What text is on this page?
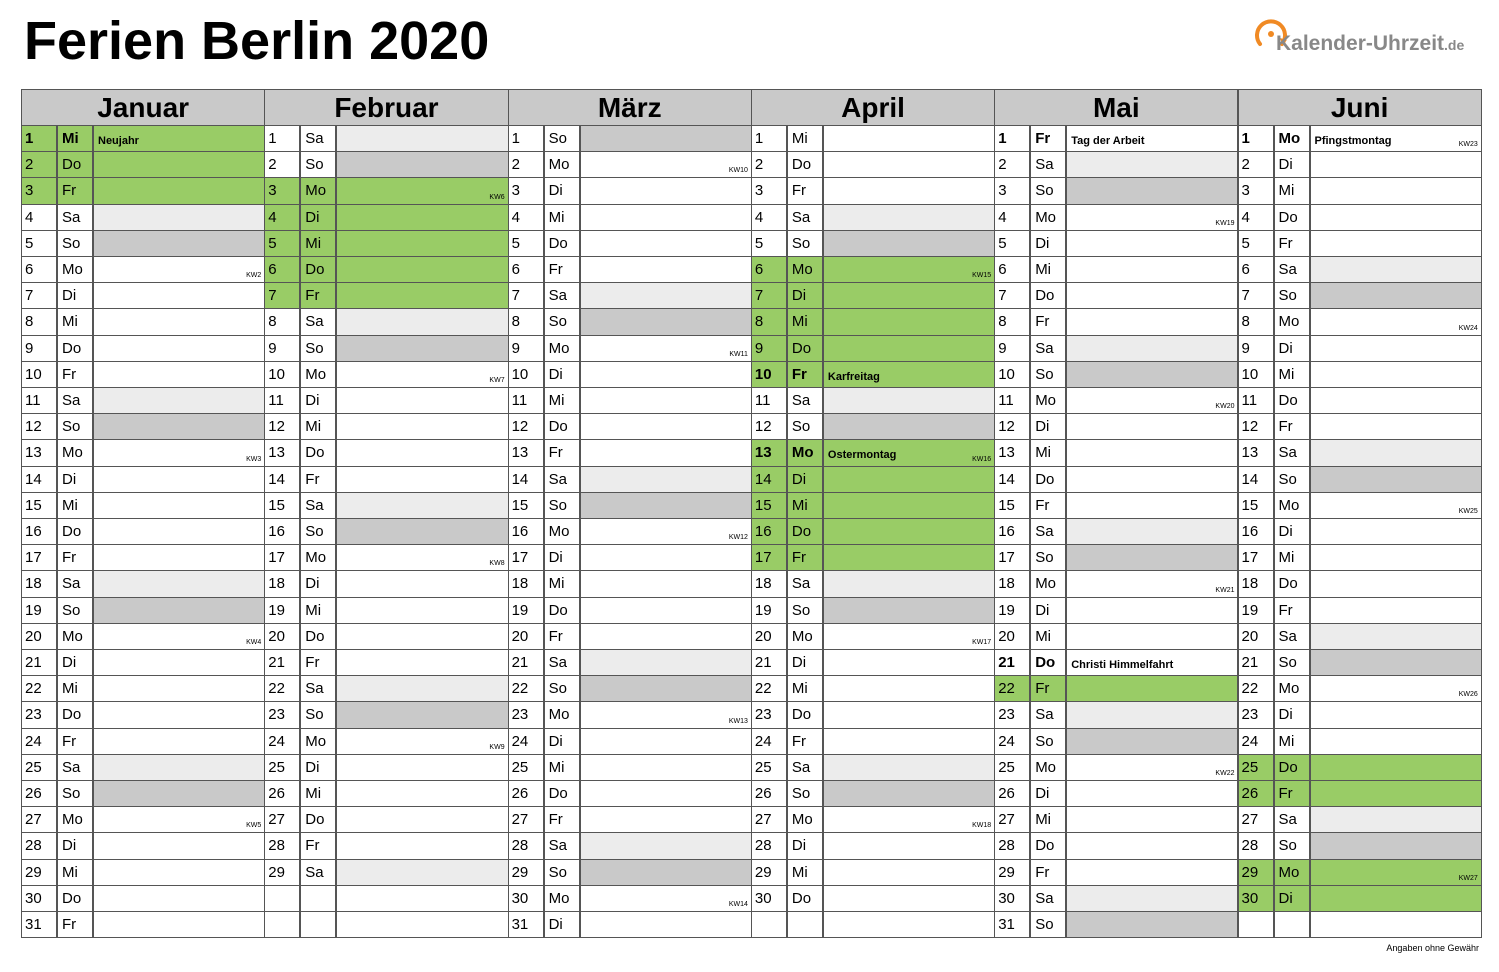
Ferien Berlin 2020	Kalender-Uhrzeit.de
Januar
1	Mi	Neujahr
2	Do
3	Fr
4	Sa
5	So
6	Mo	KW2
7	Di
8	Mi
9	Do
10	Fr
11	Sa
12	So
13	Mo	KW3
14	Di
15	Mi
16	Do
17	Fr
18	Sa
19	So
20	Mo	KW4
21	Di
22	Mi
23	Do
24	Fr
25	Sa
26	So
27	Mo	KW5
28	Di
29	Mi
30	Do
31	Fr
Februar
1	Sa
2	So
3	Mo	KW6
4	Di
5	Mi
6	Do
7	Fr
8	Sa
9	So
10	Mo	KW7
11	Di
12	Mi
13	Do
14	Fr
15	Sa
16	So
17	Mo	KW8
18	Di
19	Mi
20	Do
21	Fr
22	Sa
23	So
24	Mo	KW9
25	Di
26	Mi
27	Do
28	Fr
29	Sa
März
1	So
2	Mo	KW10
3	Di
4	Mi
5	Do
6	Fr
7	Sa
8	So
9	Mo	KW11
10	Di
11	Mi
12	Do
13	Fr
14	Sa
15	So
16	Mo	KW12
17	Di
18	Mi
19	Do
20	Fr
21	Sa
22	So
23	Mo	KW13
24	Di
25	Mi
26	Do
27	Fr
28	Sa
29	So
30	Mo	KW14
31	Di
April
1	Mi
2	Do
3	Fr
4	Sa
5	So
6	Mo	KW15
7	Di
8	Mi
9	Do
10	Fr	Karfreitag
11	Sa
12	So
13	Mo	Ostermontag	KW16
14	Di
15	Mi
16	Do
17	Fr
18	Sa
19	So
20	Mo	KW17
21	Di
22	Mi
23	Do
24	Fr
25	Sa
26	So
27	Mo	KW18
28	Di
29	Mi
30	Do
Mai
1	Fr	Tag der Arbeit
2	Sa
3	So
4	Mo	KW19
5	Di
6	Mi
7	Do
8	Fr
9	Sa
10	So
11	Mo	KW20
12	Di
13	Mi
14	Do
15	Fr
16	Sa
17	So
18	Mo	KW21
19	Di
20	Mi
21	Do	Christi Himmelfahrt
22	Fr
23	Sa
24	So
25	Mo	KW22
26	Di
27	Mi
28	Do
29	Fr
30	Sa
31	So
Juni
1	Mo	Pfingstmontag	KW23
2	Di
3	Mi
4	Do
5	Fr
6	Sa
7	So
8	Mo	KW24
9	Di
10	Mi
11	Do
12	Fr
13	Sa
14	So
15	Mo	KW25
16	Di
17	Mi
18	Do
19	Fr
20	Sa
21	So
22	Mo	KW26
23	Di
24	Mi
25	Do
26	Fr
27	Sa
28	So
29	Mo	KW27
30	Di
Angaben ohne Gewähr
